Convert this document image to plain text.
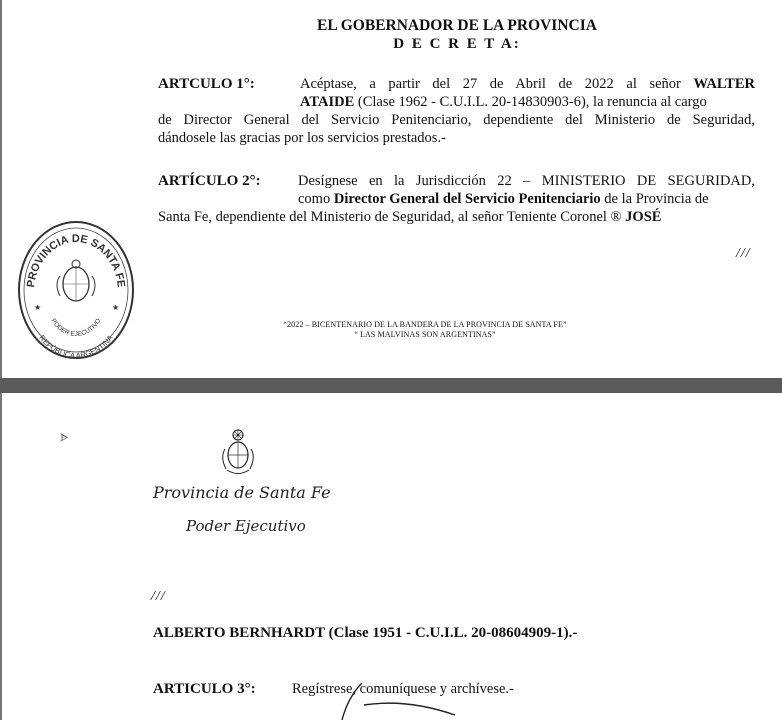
EL GOBERNADOR DE LA PROVINCIA
D E C R E T A:
ARTCULO 1°:	Acéptase, a partir del 27 de Abril de 2022 al señor WALTER
ATAIDE (Clase 1962 - C.U.I.L. 20-14830903-6), la renuncia al cargo
de Director General del Servicio Penitenciario, dependiente del Ministerio de Seguridad,
dándosele las gracias por los servicios prestados.-
ARTÍCULO 2°:	Desígnese en la Jurisdicción 22 – MINISTERIO DE SEGURIDAD,
como Director General del Servicio Penitenciario de la Provincia de
Santa Fe, dependiente del Ministerio de Seguridad, al señor Teniente Coronel ® JOSÉ
///
“2022 – BICENTENARIO DE LA BANDERA DE LA PROVINCIA DE SANTA FE”
“ LAS MALVINAS SON ARGENTINAS”
PROVINCIA DE SANTA FE
PODER EJECUTIVO
REPÚBLICA ARGENTINA
★	★
ᗌ
Provincia de Santa Fe
Poder Ejecutivo
///
ALBERTO BERNHARDT (Clase 1951 - C.U.I.L. 20-08604909-1).-
ARTICULO 3°:	Regístrese, comuníquese y archívese.-
